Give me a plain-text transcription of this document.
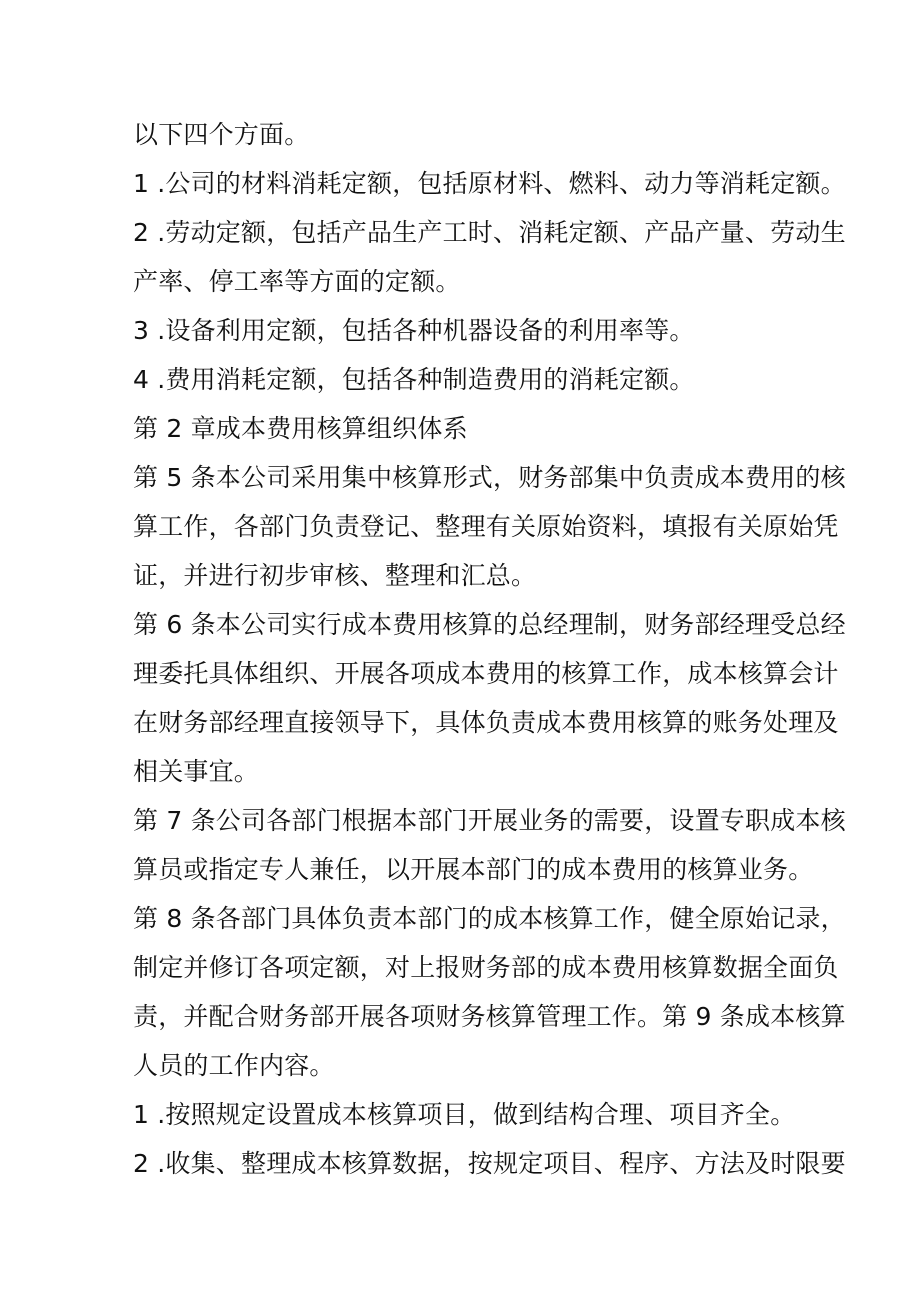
以下四个方面。
1 .公司的材料消耗定额，包括原材料、燃料、动力等消耗定额。
2 .劳动定额，包括产品生产工时、消耗定额、产品产量、劳动生
产率、停工率等方面的定额。
3 .设备利用定额，包括各种机器设备的利用率等。
4 .费用消耗定额，包括各种制造费用的消耗定额。
第 2 章成本费用核算组织体系
第 5 条本公司采用集中核算形式，财务部集中负责成本费用的核
算工作，各部门负责登记、整理有关原始资料，填报有关原始凭
证，并进行初步审核、整理和汇总。
第 6 条本公司实行成本费用核算的总经理制，财务部经理受总经
理委托具体组织、开展各项成本费用的核算工作，成本核算会计
在财务部经理直接领导下，具体负责成本费用核算的账务处理及
相关事宜。
第 7 条公司各部门根据本部门开展业务的需要，设置专职成本核
算员或指定专人兼任，以开展本部门的成本费用的核算业务。
第 8 条各部门具体负责本部门的成本核算工作，健全原始记录，
制定并修订各项定额，对上报财务部的成本费用核算数据全面负
责，并配合财务部开展各项财务核算管理工作。第 9 条成本核算
人员的工作内容。
1 .按照规定设置成本核算项目，做到结构合理、项目齐全。
2 .收集、整理成本核算数据，按规定项目、程序、方法及时限要
